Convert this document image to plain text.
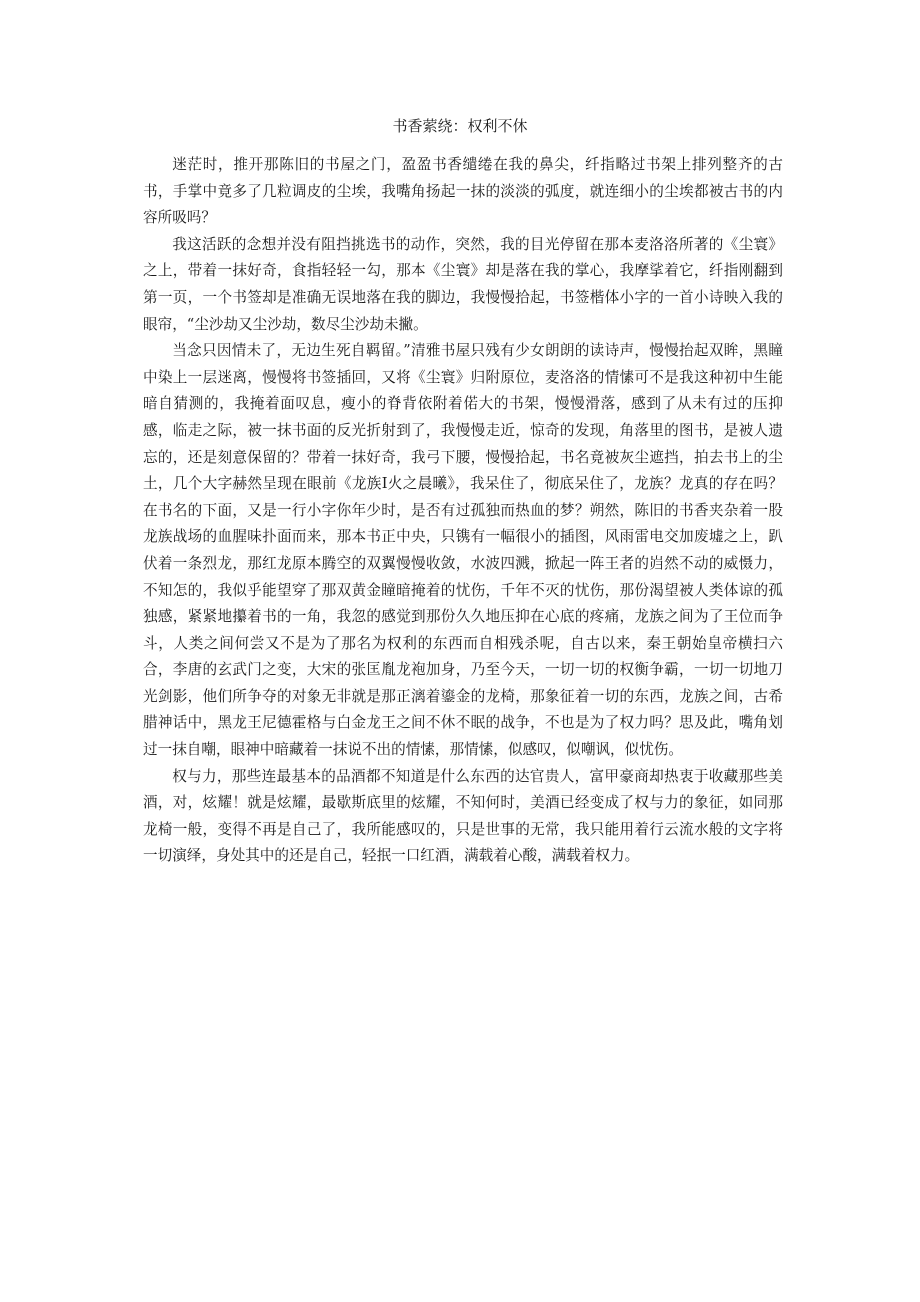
书香萦绕：权利不休

迷茫时，推开那陈旧的书屋之门，盈盈书香缱绻在我的鼻尖，纤指略过书架上排列整齐的古书，手掌中竟多了几粒调皮的尘埃，我嘴角扬起一抹的淡淡的弧度，就连细小的尘埃都被古书的内容所吸吗？

我这活跃的念想并没有阻挡挑选书的动作，突然，我的目光停留在那本麦洛洛所著的《尘寰》之上，带着一抹好奇，食指轻轻一勾，那本《尘寰》却是落在我的掌心，我摩挲着它，纤指刚翻到第一页，一个书签却是准确无误地落在我的脚边，我慢慢拾起，书签楷体小字的一首小诗映入我的眼帘，“尘沙劫又尘沙劫，数尽尘沙劫未撇。

当念只因情未了，无边生死自羁留。”清雅书屋只残有少女朗朗的读诗声，慢慢抬起双眸，黑瞳中染上一层迷离，慢慢将书签插回，又将《尘寰》归附原位，麦洛洛的情愫可不是我这种初中生能暗自猜测的，我掩着面叹息，瘦小的脊背依附着偌大的书架，慢慢滑落，感到了从未有过的压抑感，临走之际，被一抹书面的反光折射到了，我慢慢走近，惊奇的发现，角落里的图书，是被人遗忘的，还是刻意保留的？带着一抹好奇，我弓下腰，慢慢拾起，书名竟被灰尘遮挡，拍去书上的尘土，几个大字赫然呈现在眼前《龙族Ⅰ火之晨曦》，我呆住了，彻底呆住了，龙族？龙真的存在吗？在书名的下面，又是一行小字你年少时，是否有过孤独而热血的梦？朔然，陈旧的书香夹杂着一股龙族战场的血腥味扑面而来，那本书正中央，只镌有一幅很小的插图，风雨雷电交加废墟之上，趴伏着一条烈龙，那红龙原本腾空的双翼慢慢收敛，水波四溅，掀起一阵王者的岿然不动的威慑力，不知怎的，我似乎能望穿了那双黄金瞳暗掩着的忧伤，千年不灭的忧伤，那份渴望被人类体谅的孤独感，紧紧地攥着书的一角，我忽的感觉到那份久久地压抑在心底的疼痛，龙族之间为了王位而争斗，人类之间何尝又不是为了那名为权利的东西而自相残杀呢，自古以来，秦王朝始皇帝横扫六合，李唐的玄武门之变，大宋的张匡胤龙袍加身，乃至今天，一切一切的权衡争霸，一切一切地刀光剑影，他们所争夺的对象无非就是那正漓着鎏金的龙椅，那象征着一切的东西，龙族之间，古希腊神话中，黑龙王尼德霍格与白金龙王之间不休不眠的战争，不也是为了权力吗？思及此，嘴角划过一抹自嘲，眼神中暗藏着一抹说不出的情愫，那情愫，似感叹，似嘲讽，似忧伤。

权与力，那些连最基本的品酒都不知道是什么东西的达官贵人，富甲豪商却热衷于收藏那些美酒，对，炫耀！就是炫耀，最歇斯底里的炫耀，不知何时，美酒已经变成了权与力的象征，如同那龙椅一般，变得不再是自己了，我所能感叹的，只是世事的无常，我只能用着行云流水般的文字将一切演绎，身处其中的还是自己，轻抿一口红酒，满载着心酸，满载着权力。
